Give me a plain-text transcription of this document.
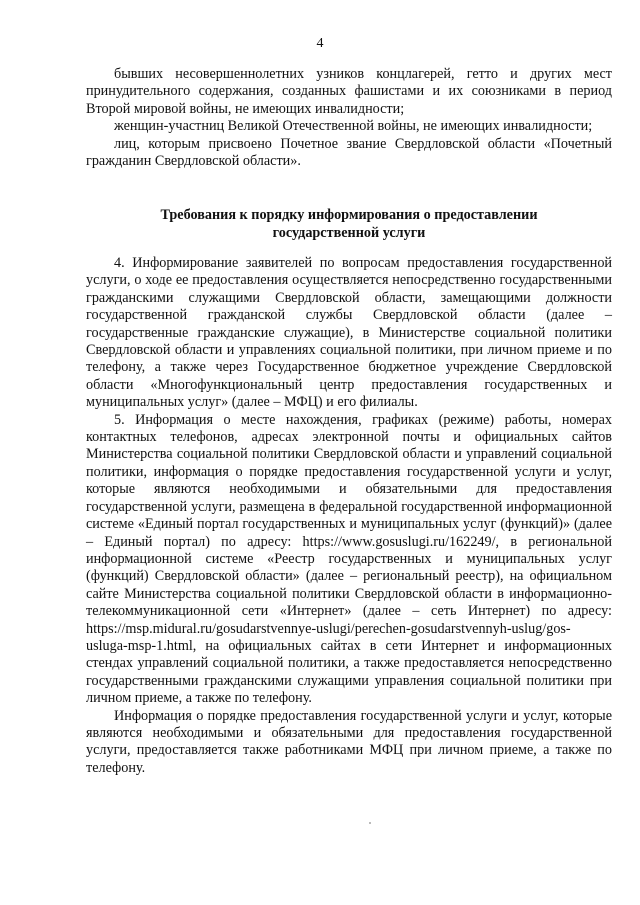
4

бывших несовершеннолетних узников концлагерей, гетто и других мест принудительного содержания, созданных фашистами и их союзниками в период Второй мировой войны, не имеющих инвалидности;

женщин-участниц Великой Отечественной войны, не имеющих инвалидности;

лиц, которым присвоено Почетное звание Свердловской области «Почетный гражданин Свердловской области».

Требования к порядку информирования о предоставлении
государственной услуги

4. Информирование заявителей по вопросам предоставления государственной услуги, о ходе ее предоставления осуществляется непосредственно государственными гражданскими служащими Свердловской области, замещающими должности государственной гражданской службы Свердловской области (далее – государственные гражданские служащие), в Министерстве социальной политики Свердловской области и управлениях социальной политики, при личном приеме и по телефону, а также через Государственное бюджетное учреждение Свердловской области «Многофункциональный центр предоставления государственных и муниципальных услуг» (далее – МФЦ) и его филиалы.

5. Информация о месте нахождения, графиках (режиме) работы, номерах контактных телефонов, адресах электронной почты и официальных сайтов Министерства социальной политики Свердловской области и управлений социальной политики, информация о порядке предоставления государственной услуги и услуг, которые являются необходимыми и обязательными для предоставления государственной услуги, размещена в федеральной государственной информационной системе «Единый портал государственных и муниципальных услуг (функций)» (далее – Единый портал) по адресу: https://www.gosuslugi.ru/162249/, в региональной информационной системе «Реестр государственных и муниципальных услуг (функций) Свердловской области» (далее – региональный реестр), на официальном сайте Министерства социальной политики Свердловской области в информационно-телекоммуникационной сети «Интернет» (далее – сеть Интернет) по адресу: https://msp.midural.ru/gosudarstvennye-uslugi/perechen-gosudarstvennyh-uslug/gos-usluga-msp-1.html, на официальных сайтах в сети Интернет и информационных стендах управлений социальной политики, а также предоставляется непосредственно государственными гражданскими служащими управления социальной политики при личном приеме, а также по телефону.

Информация о порядке предоставления государственной услуги и услуг, которые являются необходимыми и обязательными для предоставления государственной услуги, предоставляется также работниками МФЦ при личном приеме, а также по телефону.
